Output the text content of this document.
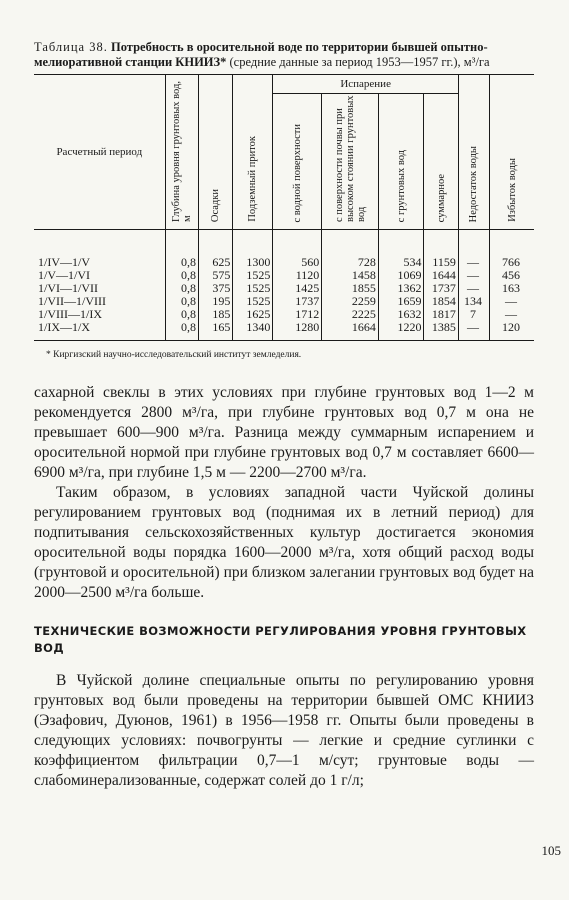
Таблица 38. Потребность в оросительной воде по территории бывшей опытно-мелиоративной станции КНИИЗ* (средние данные за период 1953—1957 гг.), м³/га

Расчетный период	Глубина уровня грунтовых вод, м	Осадки	Подземный приток	Испарение				Недостаток воды	Избыток воды
				с водной поверхности	с поверхности почвы при высоком стоянии грунтовых вод	с грунтовых вод	суммарное		
1/IV—1/V	0,8	625	1300	560	728	534	1159	—	766
1/V—1/VI	0,8	575	1525	1120	1458	1069	1644	—	456
1/VI—1/VII	0,8	375	1525	1425	1855	1362	1737	—	163
1/VII—1/VIII	0,8	195	1525	1737	2259	1659	1854	134	—
1/VIII—1/IX	0,8	185	1625	1712	2225	1632	1817	7	—
1/IX—1/X	0,8	165	1340	1280	1664	1220	1385	—	120

* Киргизский научно-исследовательский институт земледелия.

сахарной свеклы в этих условиях при глубине грунтовых вод 1—2 м рекомендуется 2800 м³/га, при глубине грунтовых вод 0,7 м она не превышает 600—900 м³/га. Разница между суммарным испарением и оросительной нормой при глубине грунтовых вод 0,7 м составляет 6600—6900 м³/га, при глубине 1,5 м — 2200—2700 м³/га.

Таким образом, в условиях западной части Чуйской долины регулированием грунтовых вод (поднимая их в летний период) для подпитывания сельскохозяйственных культур достигается экономия оросительной воды порядка 1600—2000 м³/га, хотя общий расход воды (грунтовой и оросительной) при близком залегании грунтовых вод будет на 2000—2500 м³/га больше.

ТЕХНИЧЕСКИЕ ВОЗМОЖНОСТИ РЕГУЛИРОВАНИЯ УРОВНЯ ГРУНТОВЫХ ВОД

В Чуйской долине специальные опыты по регулированию уровня грунтовых вод были проведены на территории бывшей ОМС КНИИЗ (Эзафович, Дуюнов, 1961) в 1956—1958 гг. Опыты были проведены в следующих условиях: почвогрунты — легкие и средние суглинки с коэффициентом фильтрации 0,7—1 м/сут; грунтовые воды — слабоминерализованные, содержат солей до 1 г/л;

105
